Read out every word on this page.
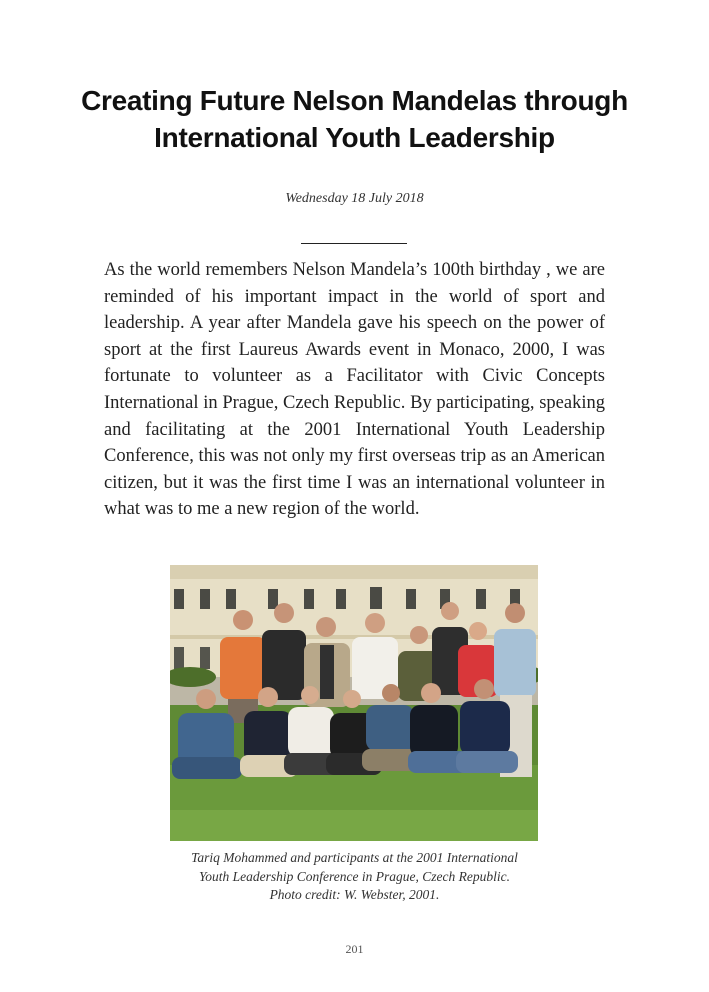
Creating Future Nelson Mandelas through International Youth Leadership
Wednesday 18 July 2018

As the world remembers Nelson Mandela’s 100th birthday , we are reminded of his important impact in the world of sport and leadership. A year after Mandela gave his speech on the power of sport at the first Laureus Awards event in Monaco, 2000, I was fortunate to volunteer as a Facilitator with Civic Concepts International in Prague, Czech Republic. By participating, speaking and facilitating at the 2001 International Youth Leadership Conference, this was not only my first overseas trip as an American citizen, but it was the first time I was an international volunteer in what was to me a new region of the world.

Tariq Mohammed and participants at the 2001 International
Youth Leadership Conference in Prague, Czech Republic.
Photo credit: W. Webster, 2001.
201
